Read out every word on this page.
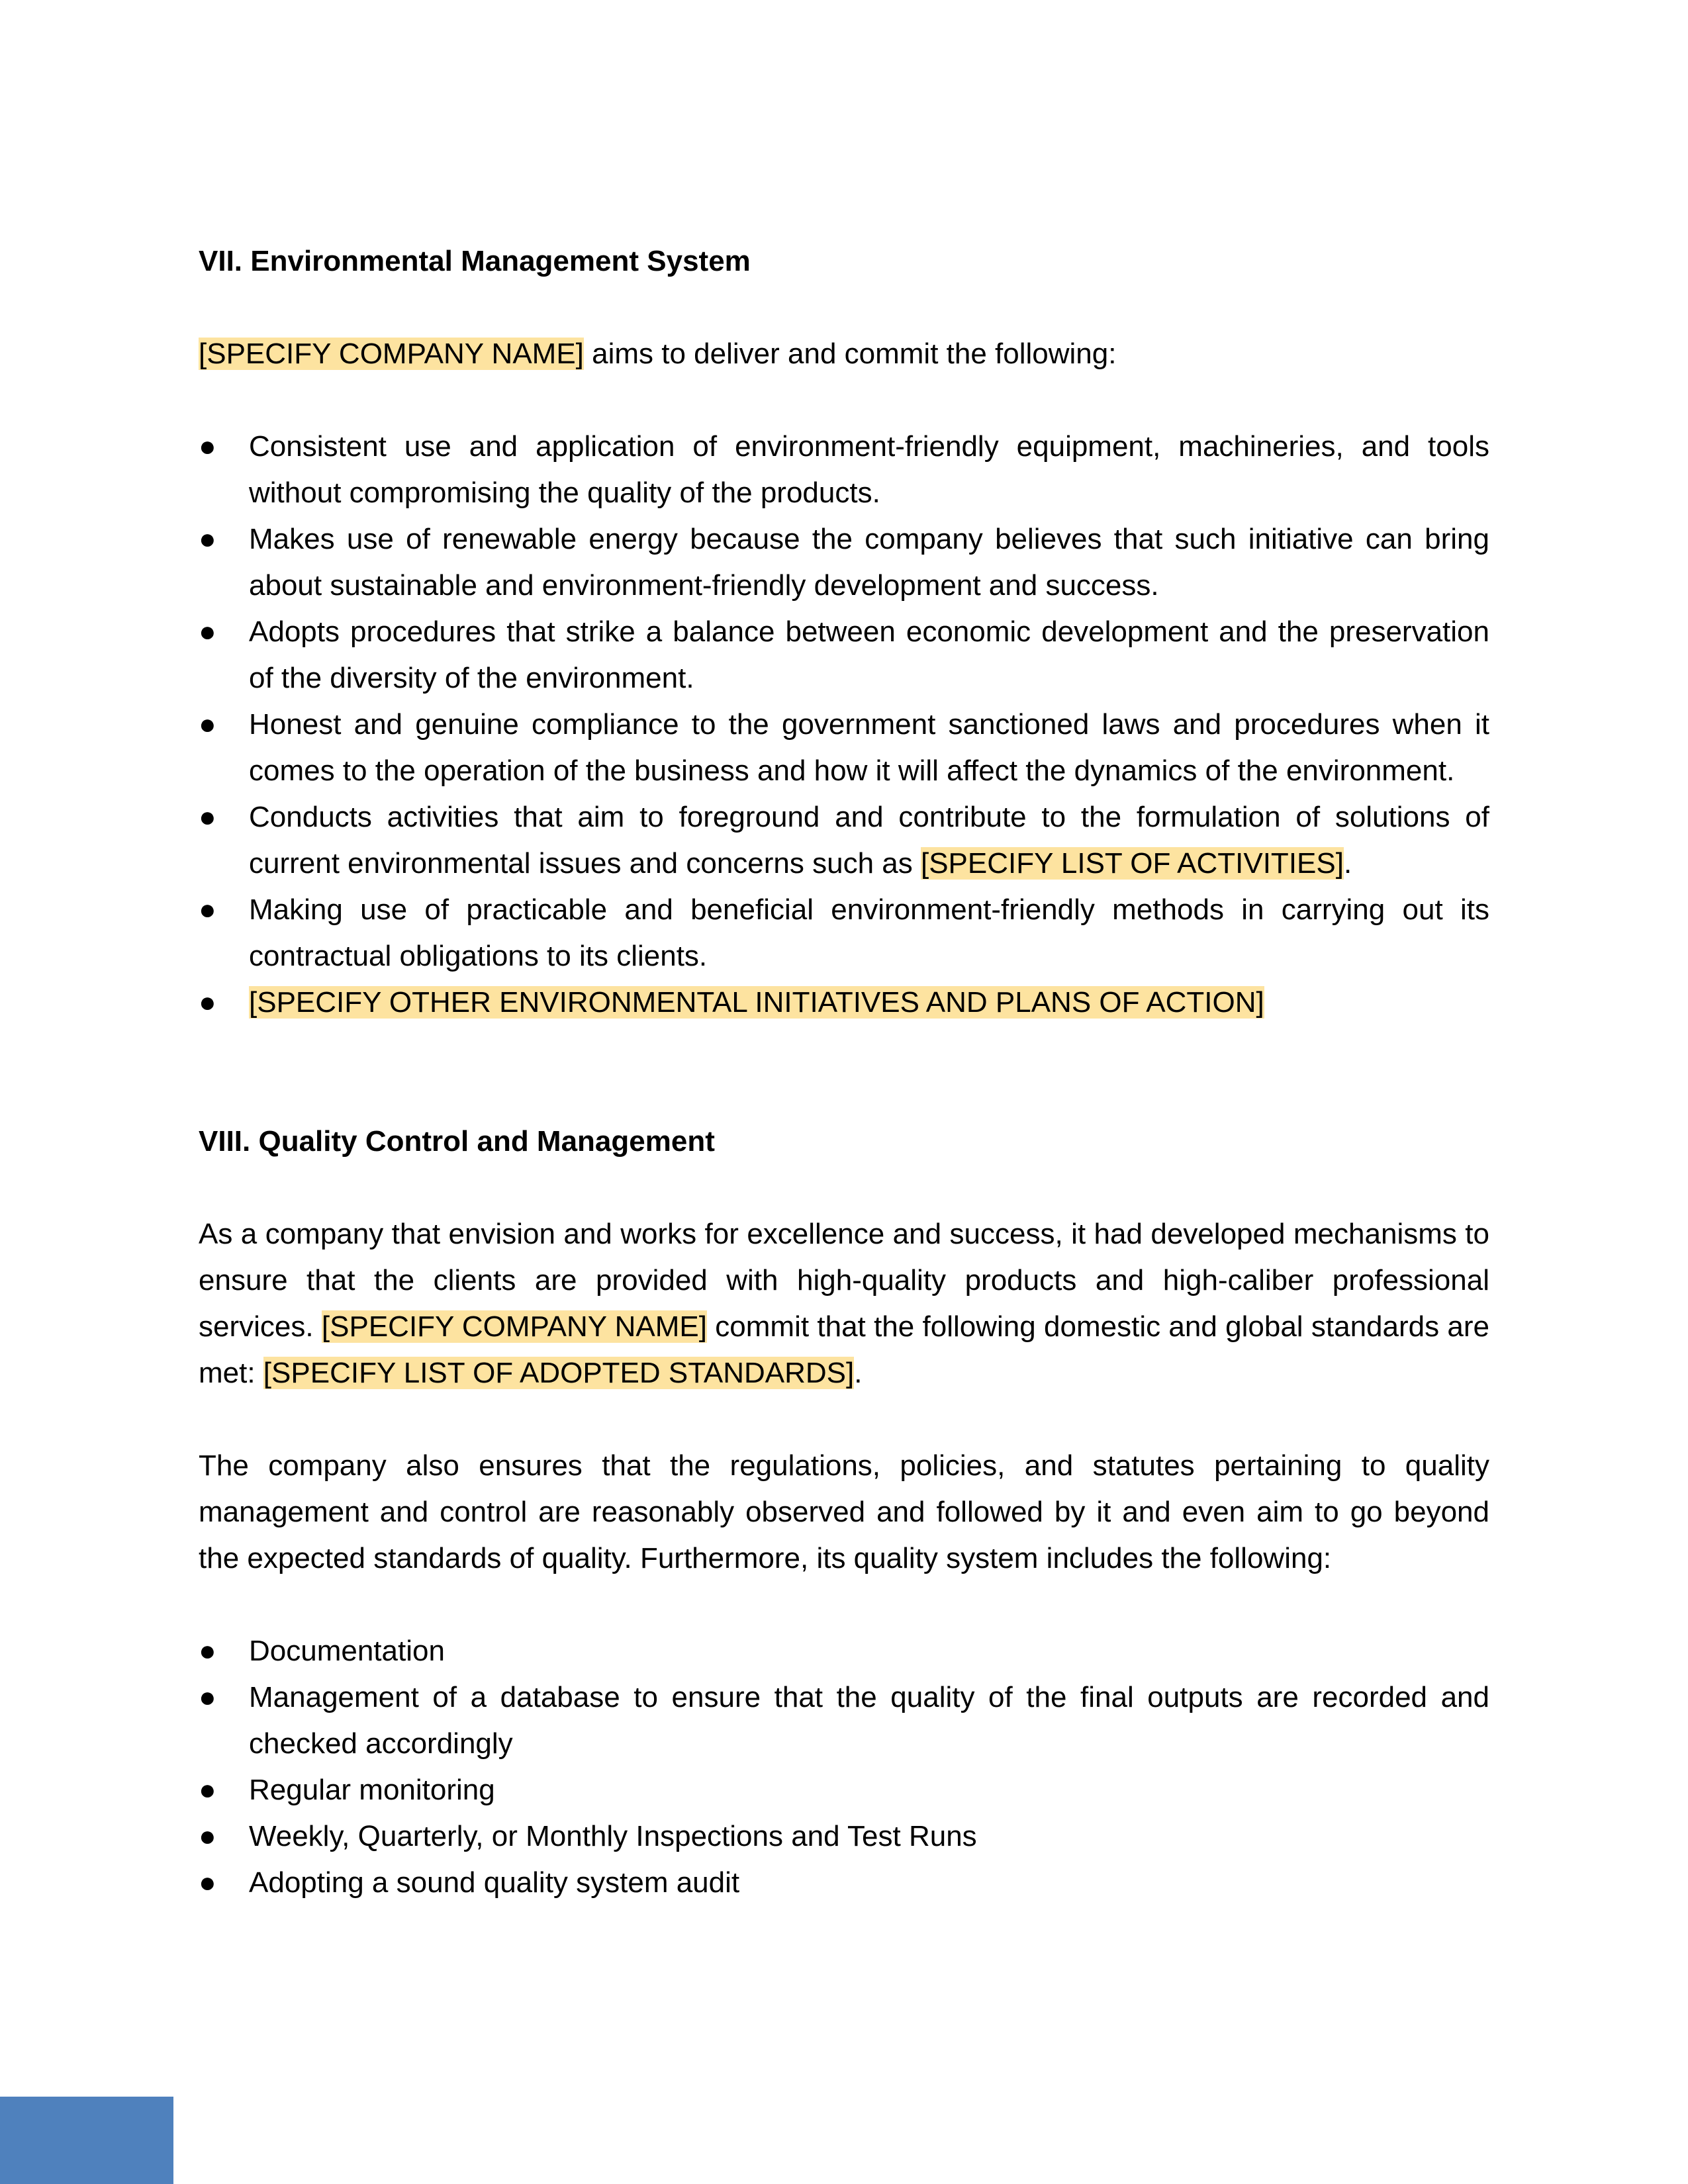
VII. Environmental Management System

[SPECIFY COMPANY NAME] aims to deliver and commit the following:

● Consistent use and application of environment-friendly equipment, machineries, and tools without compromising the quality of the products.
● Makes use of renewable energy because the company believes that such initiative can bring about sustainable and environment-friendly development and success.
● Adopts procedures that strike a balance between economic development and the preservation of the diversity of the environment.
● Honest and genuine compliance to the government sanctioned laws and procedures when it comes to the operation of the business and how it will affect the dynamics of the environment.
● Conducts activities that aim to foreground and contribute to the formulation of solutions of current environmental issues and concerns such as [SPECIFY LIST OF ACTIVITIES].
● Making use of practicable and beneficial environment-friendly methods in carrying out its contractual obligations to its clients.
● [SPECIFY OTHER ENVIRONMENTAL INITIATIVES AND PLANS OF ACTION]
VIII. Quality Control and Management

As a company that envision and works for excellence and success, it had developed mechanisms to ensure that the clients are provided with high-quality products and high-caliber professional services. [SPECIFY COMPANY NAME] commit that the following domestic and global standards are met: [SPECIFY LIST OF ADOPTED STANDARDS].

The company also ensures that the regulations, policies, and statutes pertaining to quality management and control are reasonably observed and followed by it and even aim to go beyond the expected standards of quality. Furthermore, its quality system includes the following:

● Documentation
● Management of a database to ensure that the quality of the final outputs are recorded and checked accordingly
● Regular monitoring
● Weekly, Quarterly, or Monthly Inspections and Test Runs
● Adopting a sound quality system audit
